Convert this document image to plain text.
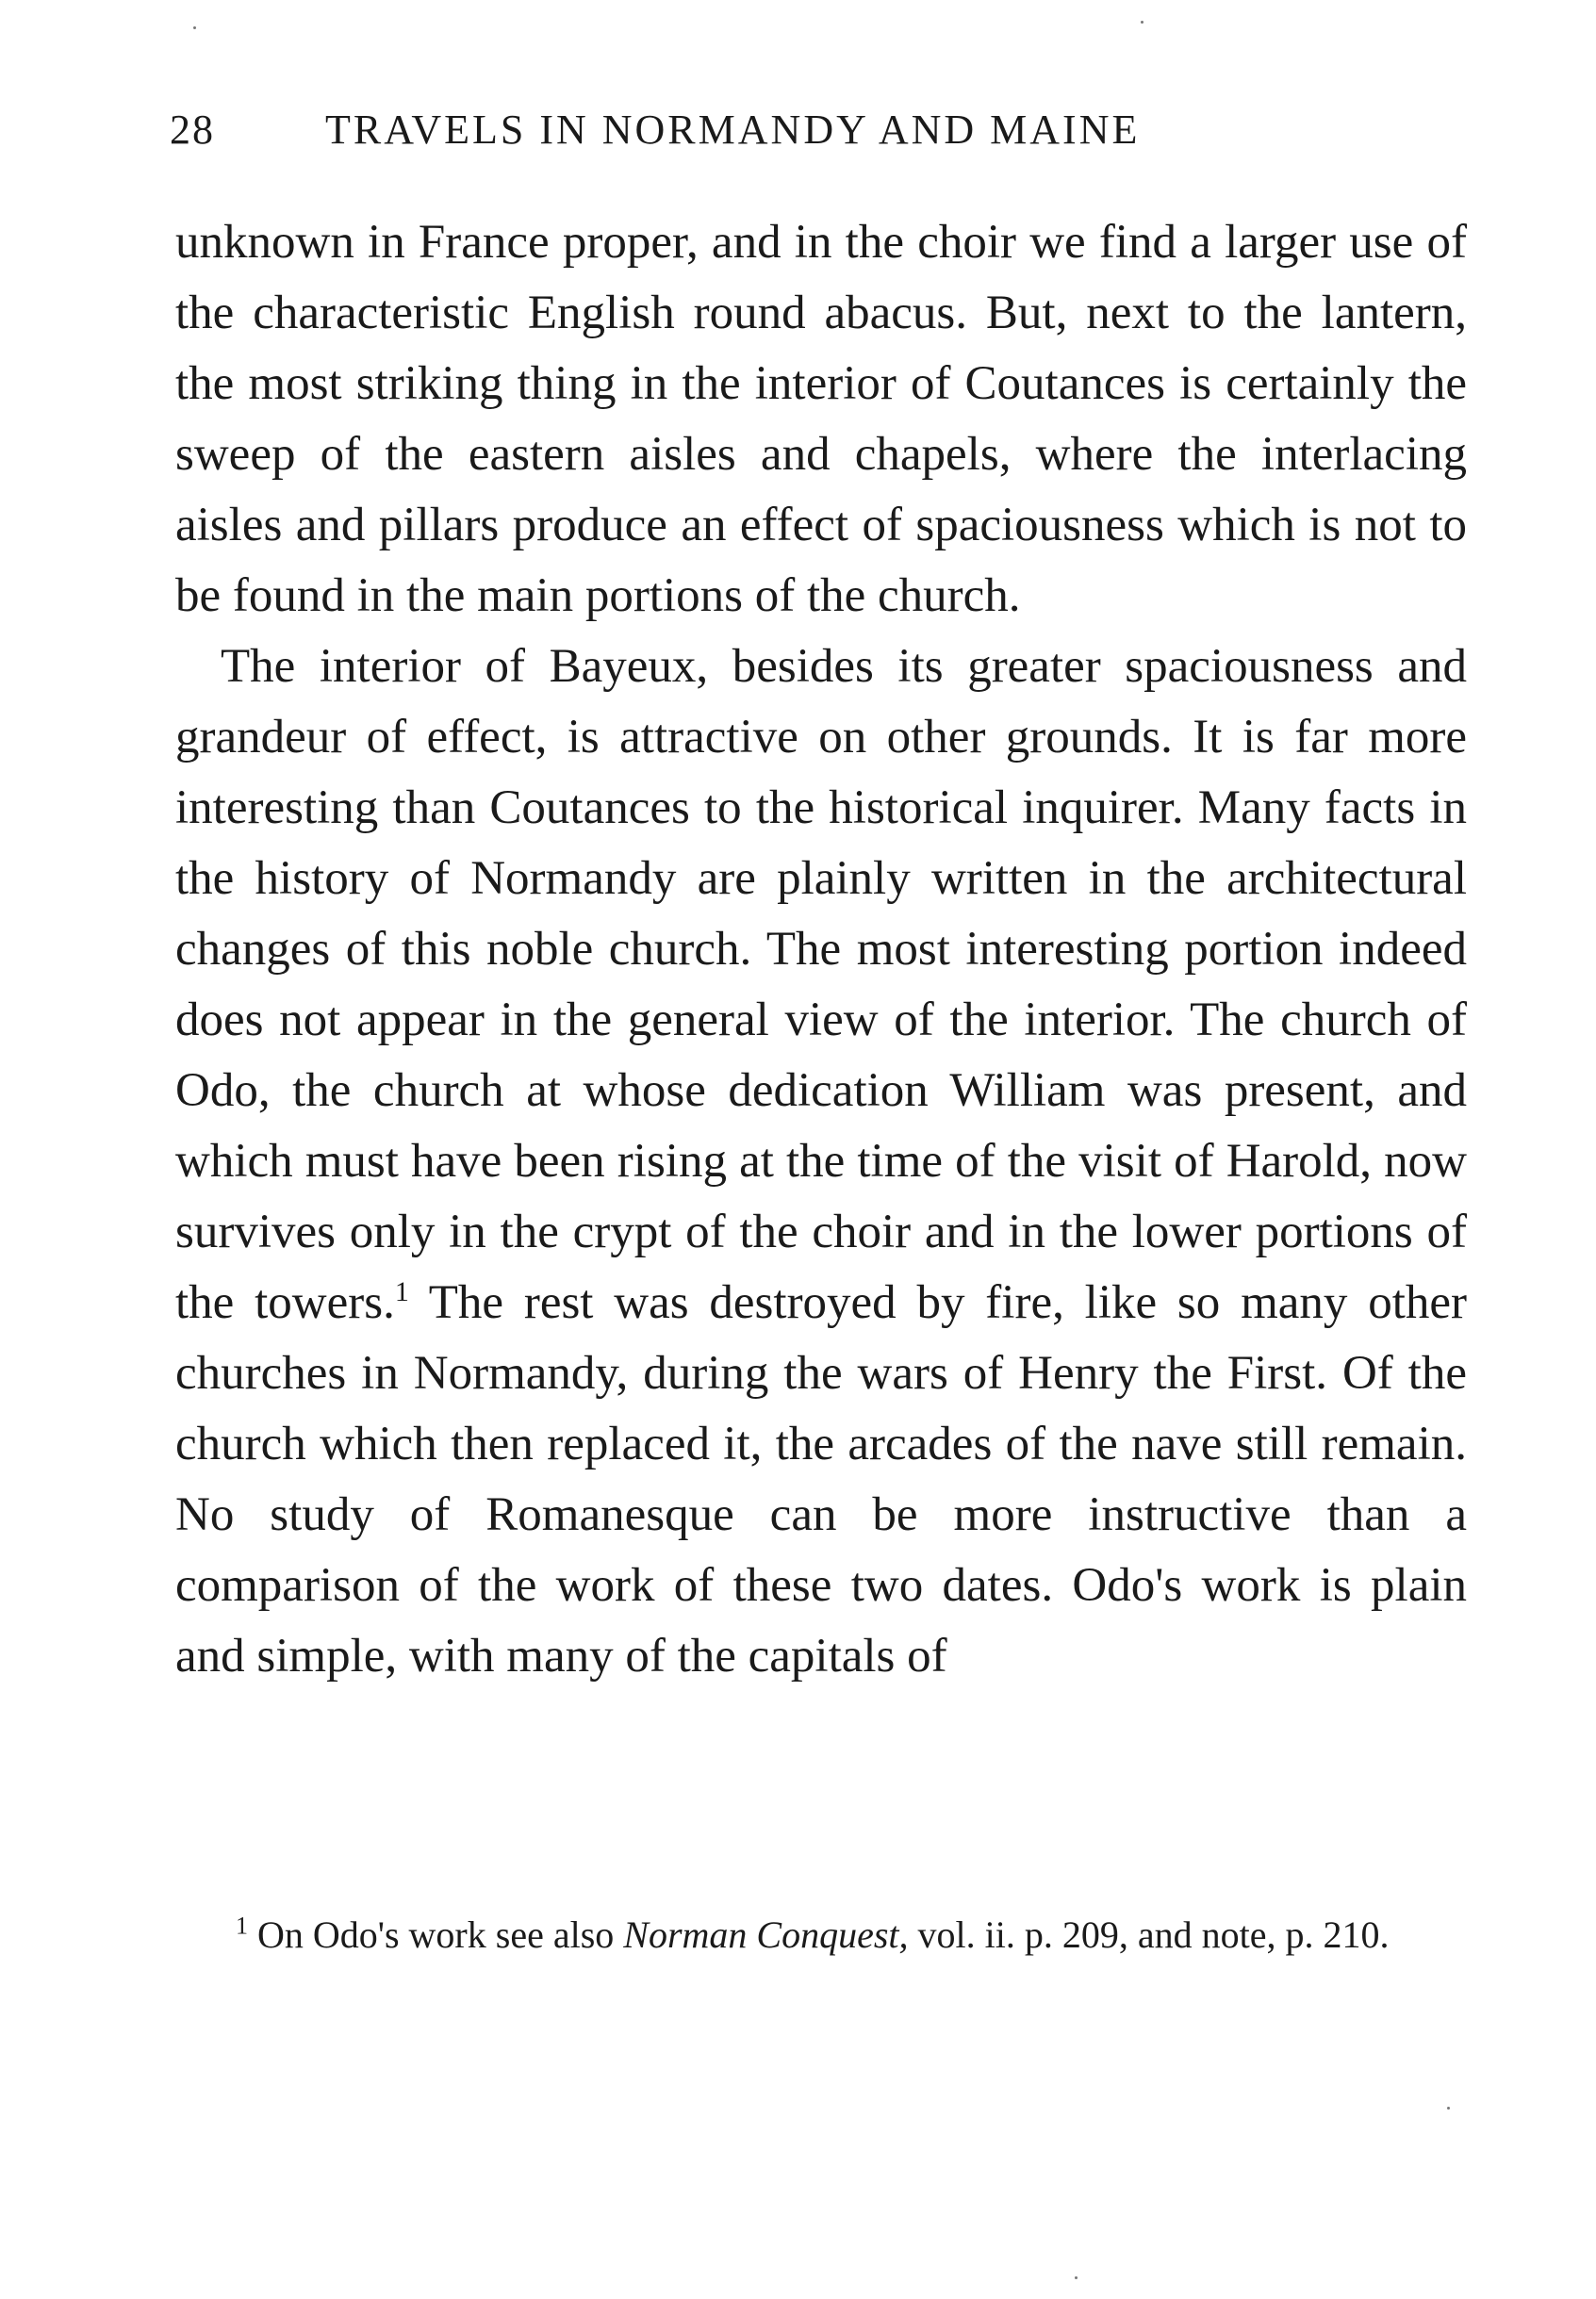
28	TRAVELS IN NORMANDY AND MAINE

unknown in France proper, and in the choir we find a larger use of the characteristic English round abacus. But, next to the lantern, the most striking thing in the interior of Coutances is certainly the sweep of the eastern aisles and chapels, where the interlacing aisles and pillars produce an effect of spaciousness which is not to be found in the main portions of the church.

The interior of Bayeux, besides its greater spaciousness and grandeur of effect, is attractive on other grounds. It is far more interesting than Coutances to the historical inquirer. Many facts in the history of Normandy are plainly written in the architectural changes of this noble church. The most interesting portion indeed does not appear in the general view of the interior. The church of Odo, the church at whose dedication William was present, and which must have been rising at the time of the visit of Harold, now survives only in the crypt of the choir and in the lower portions of the towers.$^1$ The rest was destroyed by fire, like so many other churches in Normandy, during the wars of Henry the First. Of the church which then replaced it, the arcades of the nave still remain. No study of Romanesque can be more instructive than a comparison of the work of these two dates. Odo's work is plain and simple, with many of the capitals of

$^1$ On Odo's work see also Norman Conquest, vol. ii. p. 209, and note, p. 210.
